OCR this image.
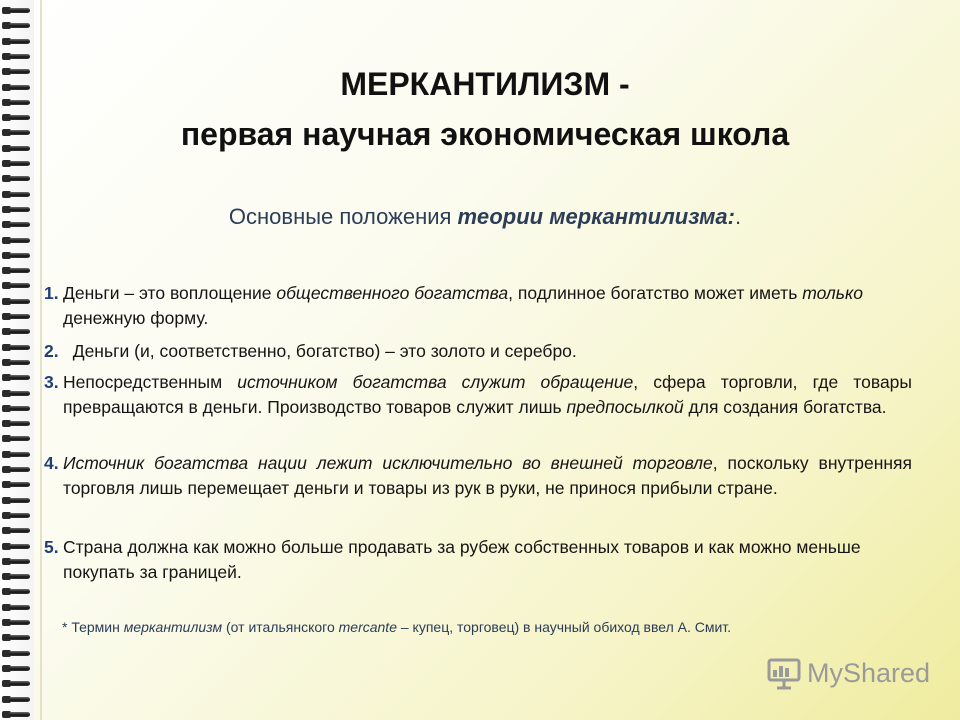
МЕРКАНТИЛИЗМ -
первая научная экономическая школа
Основные положения теории меркантилизма:.
1. Деньги – это воплощение общественного богатства, подлинное богатство может иметь только денежную форму.
2. Деньги (и, соответственно, богатство) – это золото и серебро.
3. Непосредственным источником богатства служит обращение, сфера торговли, где товары превращаются в деньги. Производство товаров служит лишь предпосылкой для создания богатства.
4. Источник богатства нации лежит исключительно во внешней торговле, поскольку внутренняя торговля лишь перемещает деньги и товары из рук в руки, не принося прибыли стране.
5. Страна должна как можно больше продавать за рубеж собственных товаров и как можно меньше покупать за границей.
* Термин меркантилизм (от итальянского mercante – купец, торговец) в научный обиход ввел А. Смит.
MyShared
